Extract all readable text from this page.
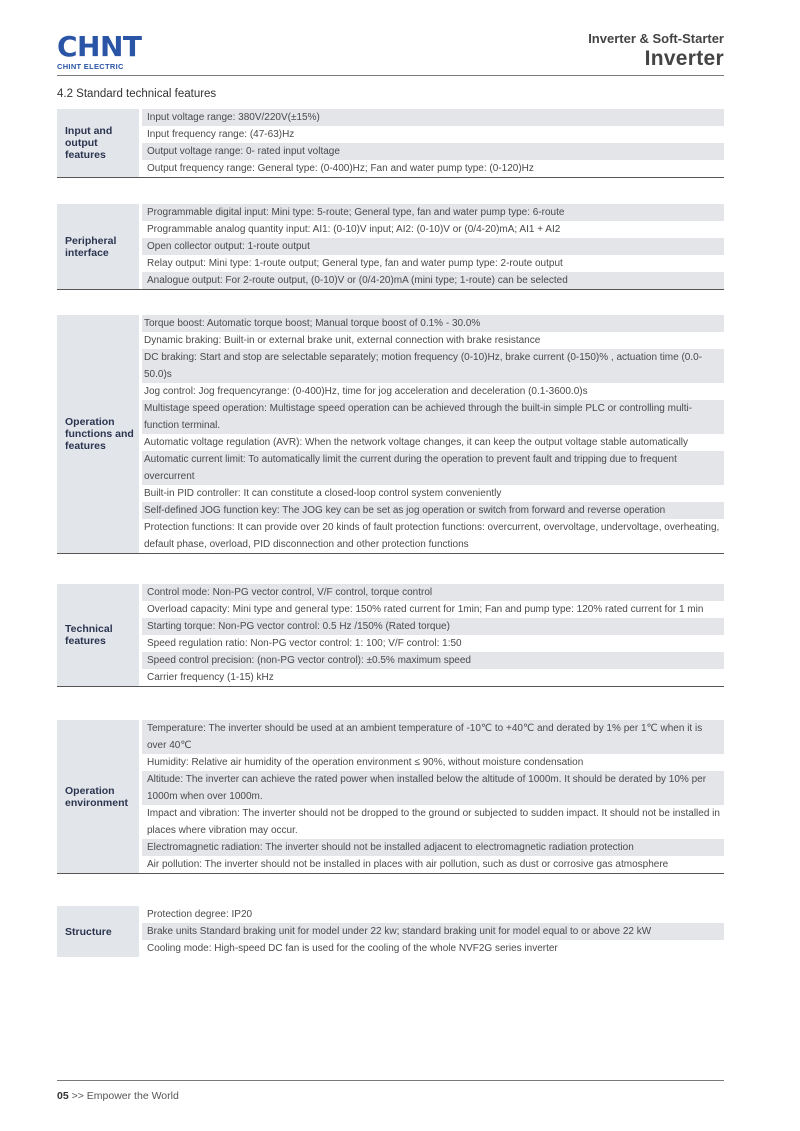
CHNT
CHINT ELECTRIC
Inverter & Soft-Starter
Inverter
4.2 Standard technical features
Input and output features
Input voltage range: 380V/220V(±15%)
Input frequency range: (47-63)Hz
Output voltage range: 0- rated input voltage
Output frequency range: General type: (0-400)Hz; Fan and water pump type: (0-120)Hz
Peripheral interface
Programmable digital input: Mini type: 5-route; General type, fan and water pump type: 6-route
Programmable analog quantity input: AI1: (0-10)V input; AI2: (0-10)V or (0/4-20)mA; AI1 + AI2
Open collector output: 1-route output
Relay output: Mini type: 1-route output; General type, fan and water pump type: 2-route output
Analogue output: For 2-route output, (0-10)V or (0/4-20)mA (mini type; 1-route) can be selected
Operation functions and features
Torque boost: Automatic torque boost; Manual torque boost of 0.1% - 30.0%
Dynamic braking: Built-in or external brake unit, external connection with brake resistance
DC braking: Start and stop are selectable separately; motion frequency (0-10)Hz, brake current (0-150)% , actuation time (0.0-50.0)s
Jog control: Jog frequencyrange: (0-400)Hz, time for jog acceleration and deceleration (0.1-3600.0)s
Multistage speed operation: Multistage speed operation can be achieved through the built-in simple PLC or controlling multi-function terminal.
Automatic voltage regulation (AVR): When the network voltage changes, it can keep the output voltage stable automatically
Automatic current limit: To automatically limit the current during the operation to prevent fault and tripping due to frequent overcurrent
Built-in PID controller: It can constitute a closed-loop control system conveniently
Self-defined JOG function key: The JOG key can be set as jog operation or switch from forward and reverse operation
Protection functions: It can provide over 20 kinds of fault protection functions: overcurrent, overvoltage, undervoltage, overheating, default phase, overload, PID disconnection and other protection functions
Technical features
Control mode: Non-PG vector control, V/F control, torque control
Overload capacity: Mini type and general type: 150% rated current for 1min; Fan and pump type: 120% rated current for 1 min
Starting torque: Non-PG vector control: 0.5 Hz /150% (Rated torque)
Speed regulation ratio: Non-PG vector control: 1: 100; V/F control: 1:50
Speed control precision: (non-PG vector control): ±0.5% maximum speed
Carrier frequency (1-15) kHz
Operation environment
Temperature: The inverter should be used at an ambient temperature of -10℃ to +40℃ and derated by 1% per 1℃ when it is over 40℃
Humidity: Relative air humidity of the operation environment ≤ 90%, without moisture condensation
Altitude: The inverter can achieve the rated power when installed below the altitude of 1000m. It should be derated by 10% per 1000m when over 1000m.
Impact and vibration: The inverter should not be dropped to the ground or subjected to sudden impact. It should not be installed in places where vibration may occur.
Electromagnetic radiation: The inverter should not be installed adjacent to electromagnetic radiation protection
Air pollution: The inverter should not be installed in places with air pollution, such as dust or corrosive gas atmosphere
Structure
Protection degree: IP20
Brake units Standard braking unit for model under 22 kw; standard braking unit for model equal to or above 22 kW
Cooling mode: High-speed DC fan is used for the cooling of the whole NVF2G series inverter
05 >> Empower the World
